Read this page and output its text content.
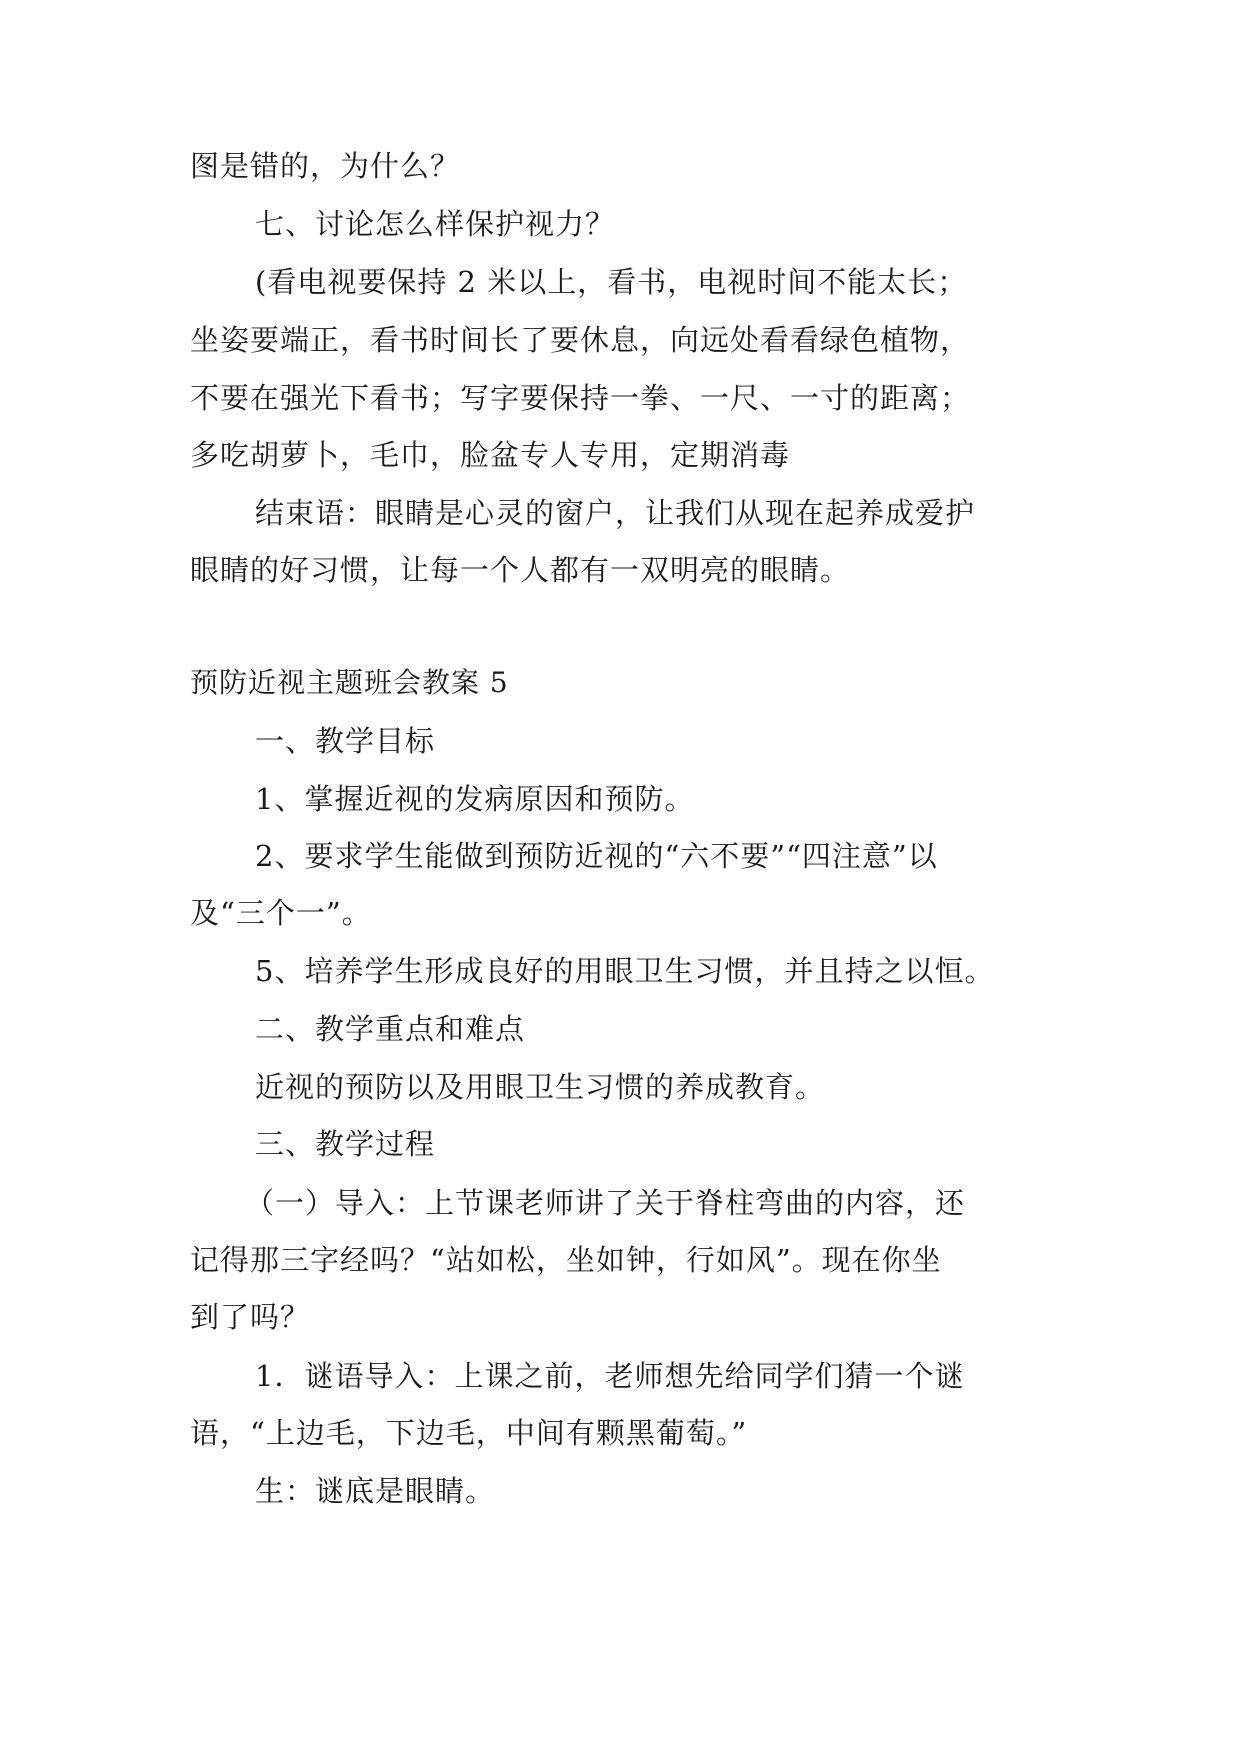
图是错的，为什么？
七、讨论怎么样保护视力？
(看电视要保持 2 米以上，看书，电视时间不能太长；
坐姿要端正，看书时间长了要休息，向远处看看绿色植物，
不要在强光下看书；写字要保持一拳、一尺、一寸的距离；
多吃胡萝卜，毛巾，脸盆专人专用，定期消毒
结束语：眼睛是心灵的窗户，让我们从现在起养成爱护
眼睛的好习惯，让每一个人都有一双明亮的眼睛。
预防近视主题班会教案 5
一、教学目标
1、掌握近视的发病原因和预防。
2、要求学生能做到预防近视的“六不要”“四注意”以
及“三个一”。
5、培养学生形成良好的用眼卫生习惯，并且持之以恒。
二、教学重点和难点
近视的预防以及用眼卫生习惯的养成教育。
三、教学过程
（一）导入：上节课老师讲了关于脊柱弯曲的内容，还
记得那三字经吗？“站如松，坐如钟，行如风”。现在你坐
到了吗？
1．谜语导入：上课之前，老师想先给同学们猜一个谜
语，“上边毛，下边毛，中间有颗黑葡萄。”
生：谜底是眼睛。
